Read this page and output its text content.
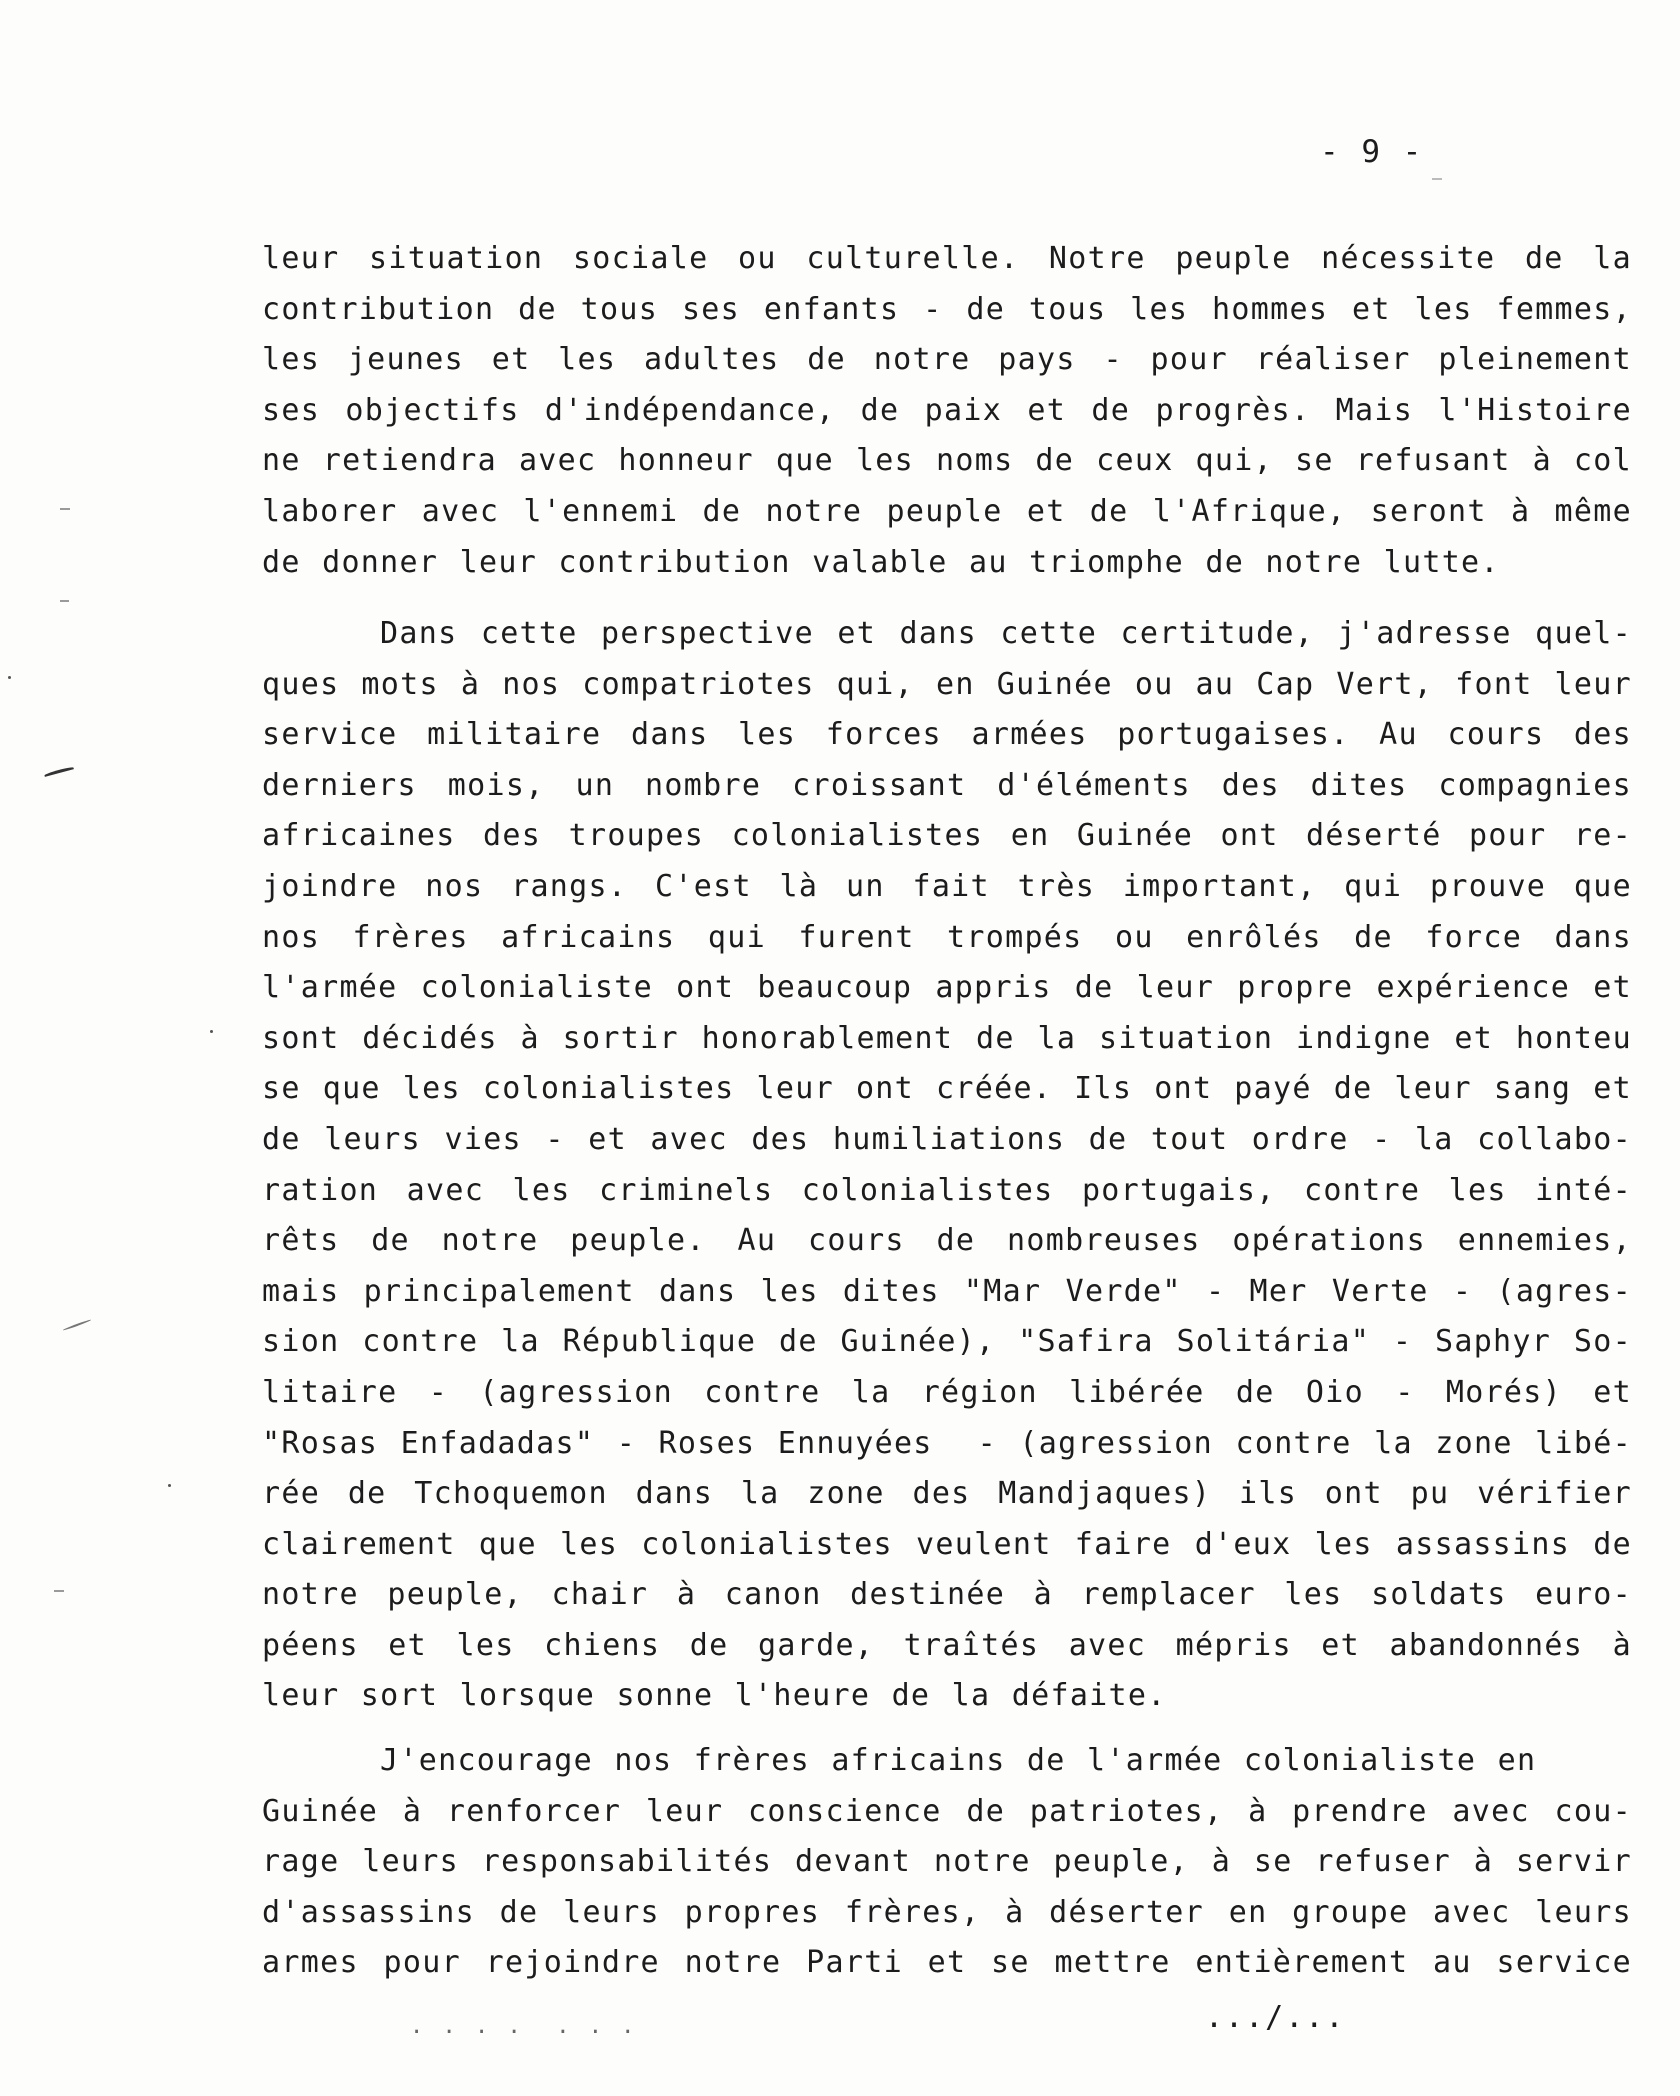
- 9 -
leur situation sociale ou culturelle. Notre peuple nécessite de la
contribution de tous ses enfants - de tous les hommes et les femmes,
les jeunes et les adultes de notre pays - pour réaliser pleinement
ses objectifs d'indépendance, de paix et de progrès. Mais l'Histoire
ne retiendra avec honneur que les noms de ceux qui, se refusant à col
laborer avec l'ennemi de notre peuple et de l'Afrique, seront à même
de donner leur contribution valable au triomphe de notre lutte.
Dans cette perspective et dans cette certitude, j'adresse quel-
ques mots à nos compatriotes qui, en Guinée ou au Cap Vert, font leur
service militaire dans les forces armées portugaises. Au cours des
derniers mois, un nombre croissant d'éléments des dites compagnies
africaines des troupes colonialistes en Guinée ont déserté pour re-
joindre nos rangs. C'est là un fait très important, qui prouve que
nos frères africains qui furent trompés ou enrôlés de force dans
l'armée colonialiste ont beaucoup appris de leur propre expérience et
sont décidés à sortir honorablement de la situation indigne et honteu
se que les colonialistes leur ont créée. Ils ont payé de leur sang et
de leurs vies - et avec des humiliations de tout ordre - la collabo-
ration avec les criminels colonialistes portugais, contre les inté-
rêts de notre peuple. Au cours de nombreuses opérations ennemies,
mais principalement dans les dites "Mar Verde" - Mer Verte - (agres-
sion contre la République de Guinée), "Safira Solitária" - Saphyr So-
litaire - (agression contre la région libérée de Oio - Morés) et
"Rosas Enfadadas" - Roses Ennuyées  - (agression contre la zone libé-
rée de Tchoquemon dans la zone des Mandjaques) ils ont pu vérifier
clairement que les colonialistes veulent faire d'eux les assassins de
notre peuple, chair à canon destinée à remplacer les soldats euro-
péens et les chiens de garde, traîtés avec mépris et abandonnés à
leur sort lorsque sonne l'heure de la défaite.
J'encourage nos frères africains de l'armée colonialiste en
Guinée à renforcer leur conscience de patriotes, à prendre avec cou-
rage leurs responsabilités devant notre peuple, à se refuser à servir
d'assassins de leurs propres frères, à déserter en groupe avec leurs
armes pour rejoindre notre Parti et se mettre entièrement au service
. . . .  . . .	.../...
